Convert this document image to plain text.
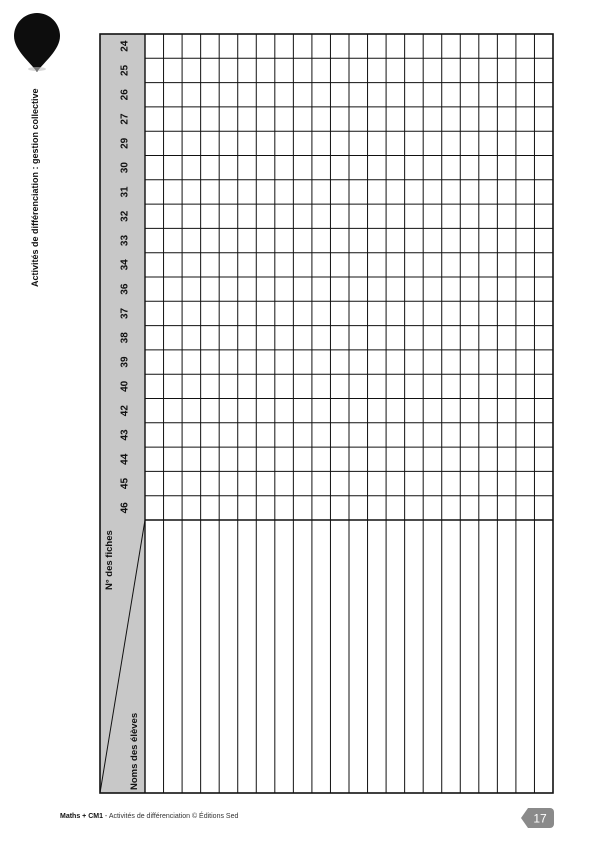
Activités de différenciation : gestion collective
24
25
26
27
29
30
31
32
33
34
36
37
38
39
40
42
43
44
45
46
N° des fiches
Noms des élèves
Maths + CM1 - Activités de différenciation © Éditions Sed	17
